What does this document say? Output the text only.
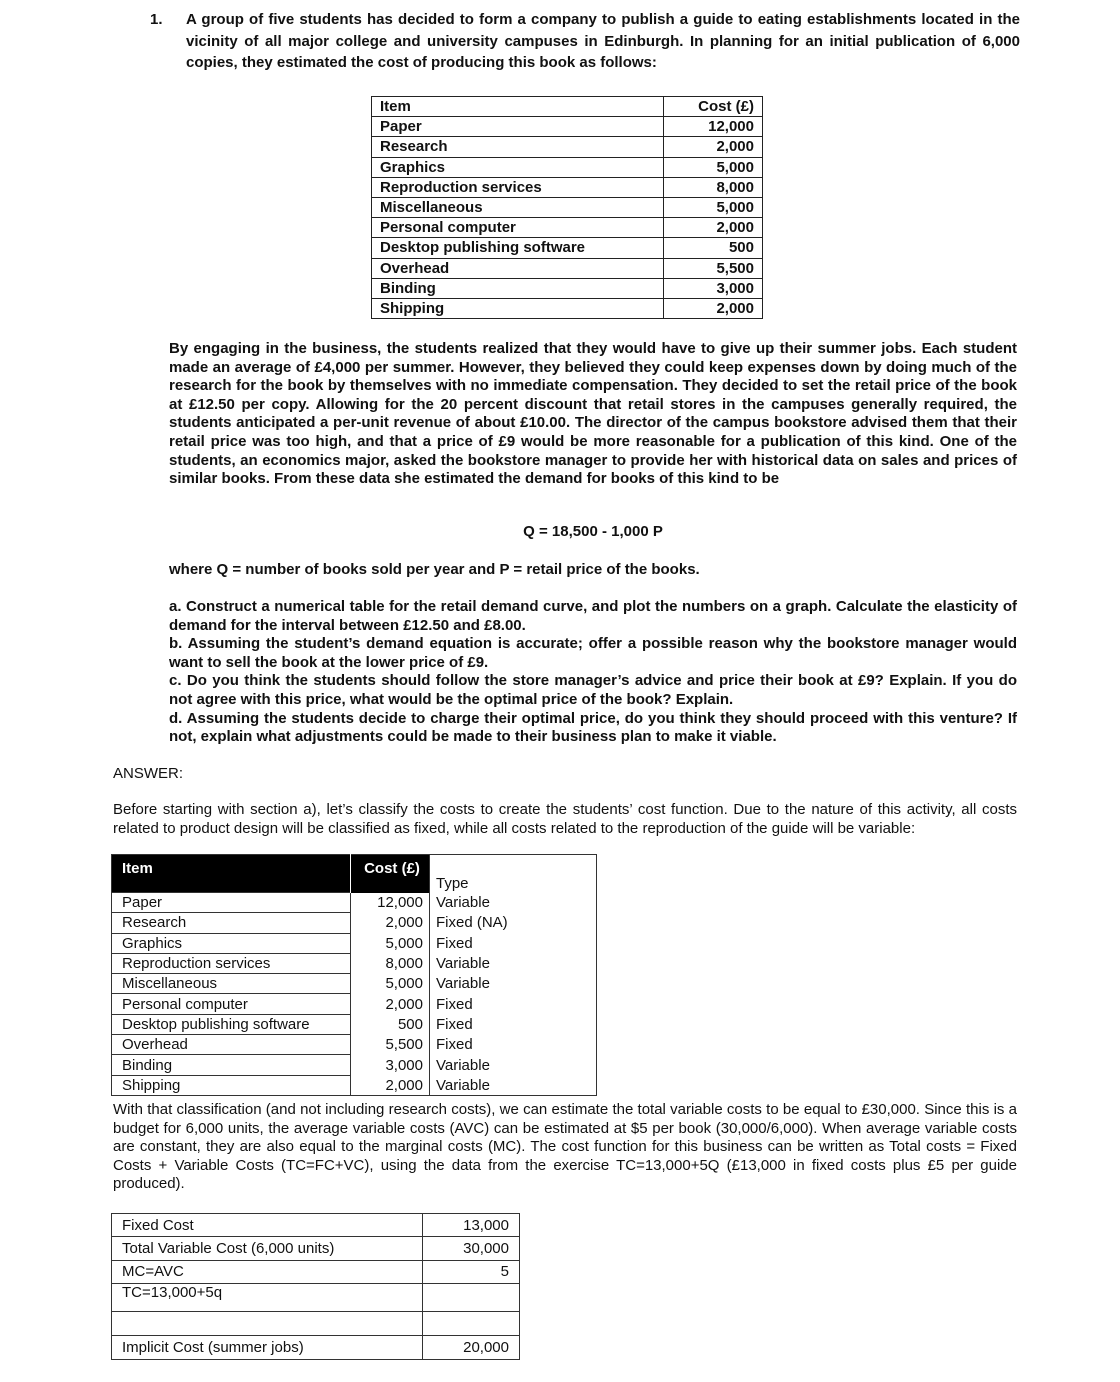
1. A group of five students has decided to form a company to publish a guide to eating establishments located in the vicinity of all major college and university campuses in Edinburgh. In planning for an initial publication of 6,000 copies, they estimated the cost of producing this book as follows:
Item	Cost (£)
Paper	12,000
Research	2,000
Graphics	5,000
Reproduction services	8,000
Miscellaneous	5,000
Personal computer	2,000
Desktop publishing software	500
Overhead	5,500
Binding	3,000
Shipping	2,000
By engaging in the business, the students realized that they would have to give up their summer jobs. Each student made an average of £4,000 per summer. However, they believed they could keep expenses down by doing much of the research for the book by themselves with no immediate compensation. They decided to set the retail price of the book at £12.50 per copy. Allowing for the 20 percent discount that retail stores in the campuses generally required, the students anticipated a per-unit revenue of about £10.00. The director of the campus bookstore advised them that their retail price was too high, and that a price of £9 would be more reasonable for a publication of this kind. One of the students, an economics major, asked the bookstore manager to provide her with historical data on sales and prices of similar books. From these data she estimated the demand for books of this kind to be
Q = 18,500 - 1,000 P
where Q = number of books sold per year and P = retail price of the books.
a. Construct a numerical table for the retail demand curve, and plot the numbers on a graph. Calculate the elasticity of demand for the interval between £12.50 and £8.00.
b. Assuming the student’s demand equation is accurate; offer a possible reason why the bookstore manager would want to sell the book at the lower price of £9.
c. Do you think the students should follow the store manager’s advice and price their book at £9? Explain. If you do not agree with this price, what would be the optimal price of the book? Explain.
d. Assuming the students decide to charge their optimal price, do you think they should proceed with this venture? If not, explain what adjustments could be made to their business plan to make it viable.
ANSWER:
Before starting with section a), let’s classify the costs to create the students’ cost function. Due to the nature of this activity, all costs related to product design will be classified as fixed, while all costs related to the reproduction of the guide will be variable:
Item	Cost (£)	Type
Paper	12,000	Variable
Research	2,000	Fixed (NA)
Graphics	5,000	Fixed
Reproduction services	8,000	Variable
Miscellaneous	5,000	Variable
Personal computer	2,000	Fixed
Desktop publishing software	500	Fixed
Overhead	5,500	Fixed
Binding	3,000	Variable
Shipping	2,000	Variable
With that classification (and not including research costs), we can estimate the total variable costs to be equal to £30,000. Since this is a budget for 6,000 units, the average variable costs (AVC) can be estimated at $5 per book (30,000/6,000). When average variable costs are constant, they are also equal to the marginal costs (MC). The cost function for this business can be written as Total costs = Fixed Costs + Variable Costs (TC=FC+VC), using the data from the exercise TC=13,000+5Q (£13,000 in fixed costs plus £5 per guide produced).
Fixed Cost	13,000
Total Variable Cost (6,000 units)	30,000
MC=AVC	5
TC=13,000+5q	

Implicit Cost (summer jobs)	20,000
